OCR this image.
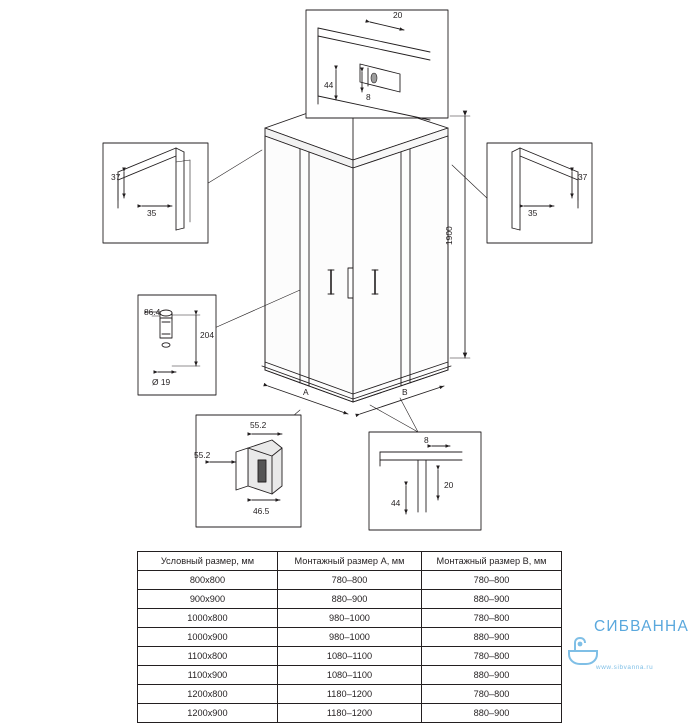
20
44
8
37
35
37
35
86.4
204
Ø 19
55.2
55.2
46.5
8
20
44
1900
A	B
Условный размер, мм	Монтажный размер A, мм	Монтажный размер B, мм
800x800	780–800	780–800
900x900	880–900	880–900
1000x800	980–1000	780–800
1000x900	980–1000	880–900
1100x800	1080–1100	780–800
1100x900	1080–1100	880–900
1200x800	1180–1200	780–800
1200x900	1180–1200	880–900
СИБВАННА
www.sibvanna.ru
